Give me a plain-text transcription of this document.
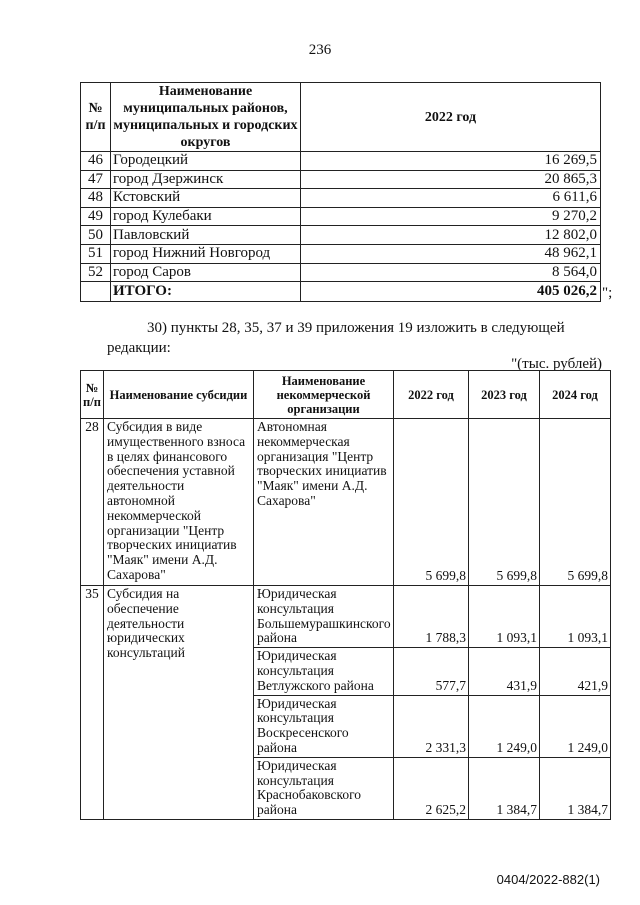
236
№ п/п	Наименование муниципальных районов, муниципальных и городских округов	2022 год
46	Городецкий	16 269,5
47	город Дзержинск	20 865,3
48	Кстовский	6 611,6
49	город Кулебаки	9 270,2
50	Павловский	12 802,0
51	город Нижний Новгород	48 962,1
52	город Саров	8 564,0
	ИТОГО:	405 026,2 ";
30) пункты 28, 35, 37 и 39 приложения 19 изложить в следующей
редакции:
"(тыс. рублей)
№ п/п	Наименование субсидии	Наименование некоммерческой организации	2022 год	2023 год	2024 год
28	Субсидия в виде имущественного взноса в целях финансового обеспечения уставной деятельности автономной некоммерческой организации "Центр творческих инициатив "Маяк" имени А.Д. Сахарова"	Автономная некоммерческая организация "Центр творческих инициатив "Маяк" имени А.Д. Сахарова"	5 699,8	5 699,8	5 699,8
35	Субсидия на обеспечение деятельности юридических консультаций	Юридическая консультация Большемурашкинского района	1 788,3	1 093,1	1 093,1
		Юридическая консультация Ветлужского района	577,7	431,9	421,9
		Юридическая консультация Воскресенского района	2 331,3	1 249,0	1 249,0
		Юридическая консультация Краснобаковского района	2 625,2	1 384,7	1 384,7
0404/2022-882(1)
